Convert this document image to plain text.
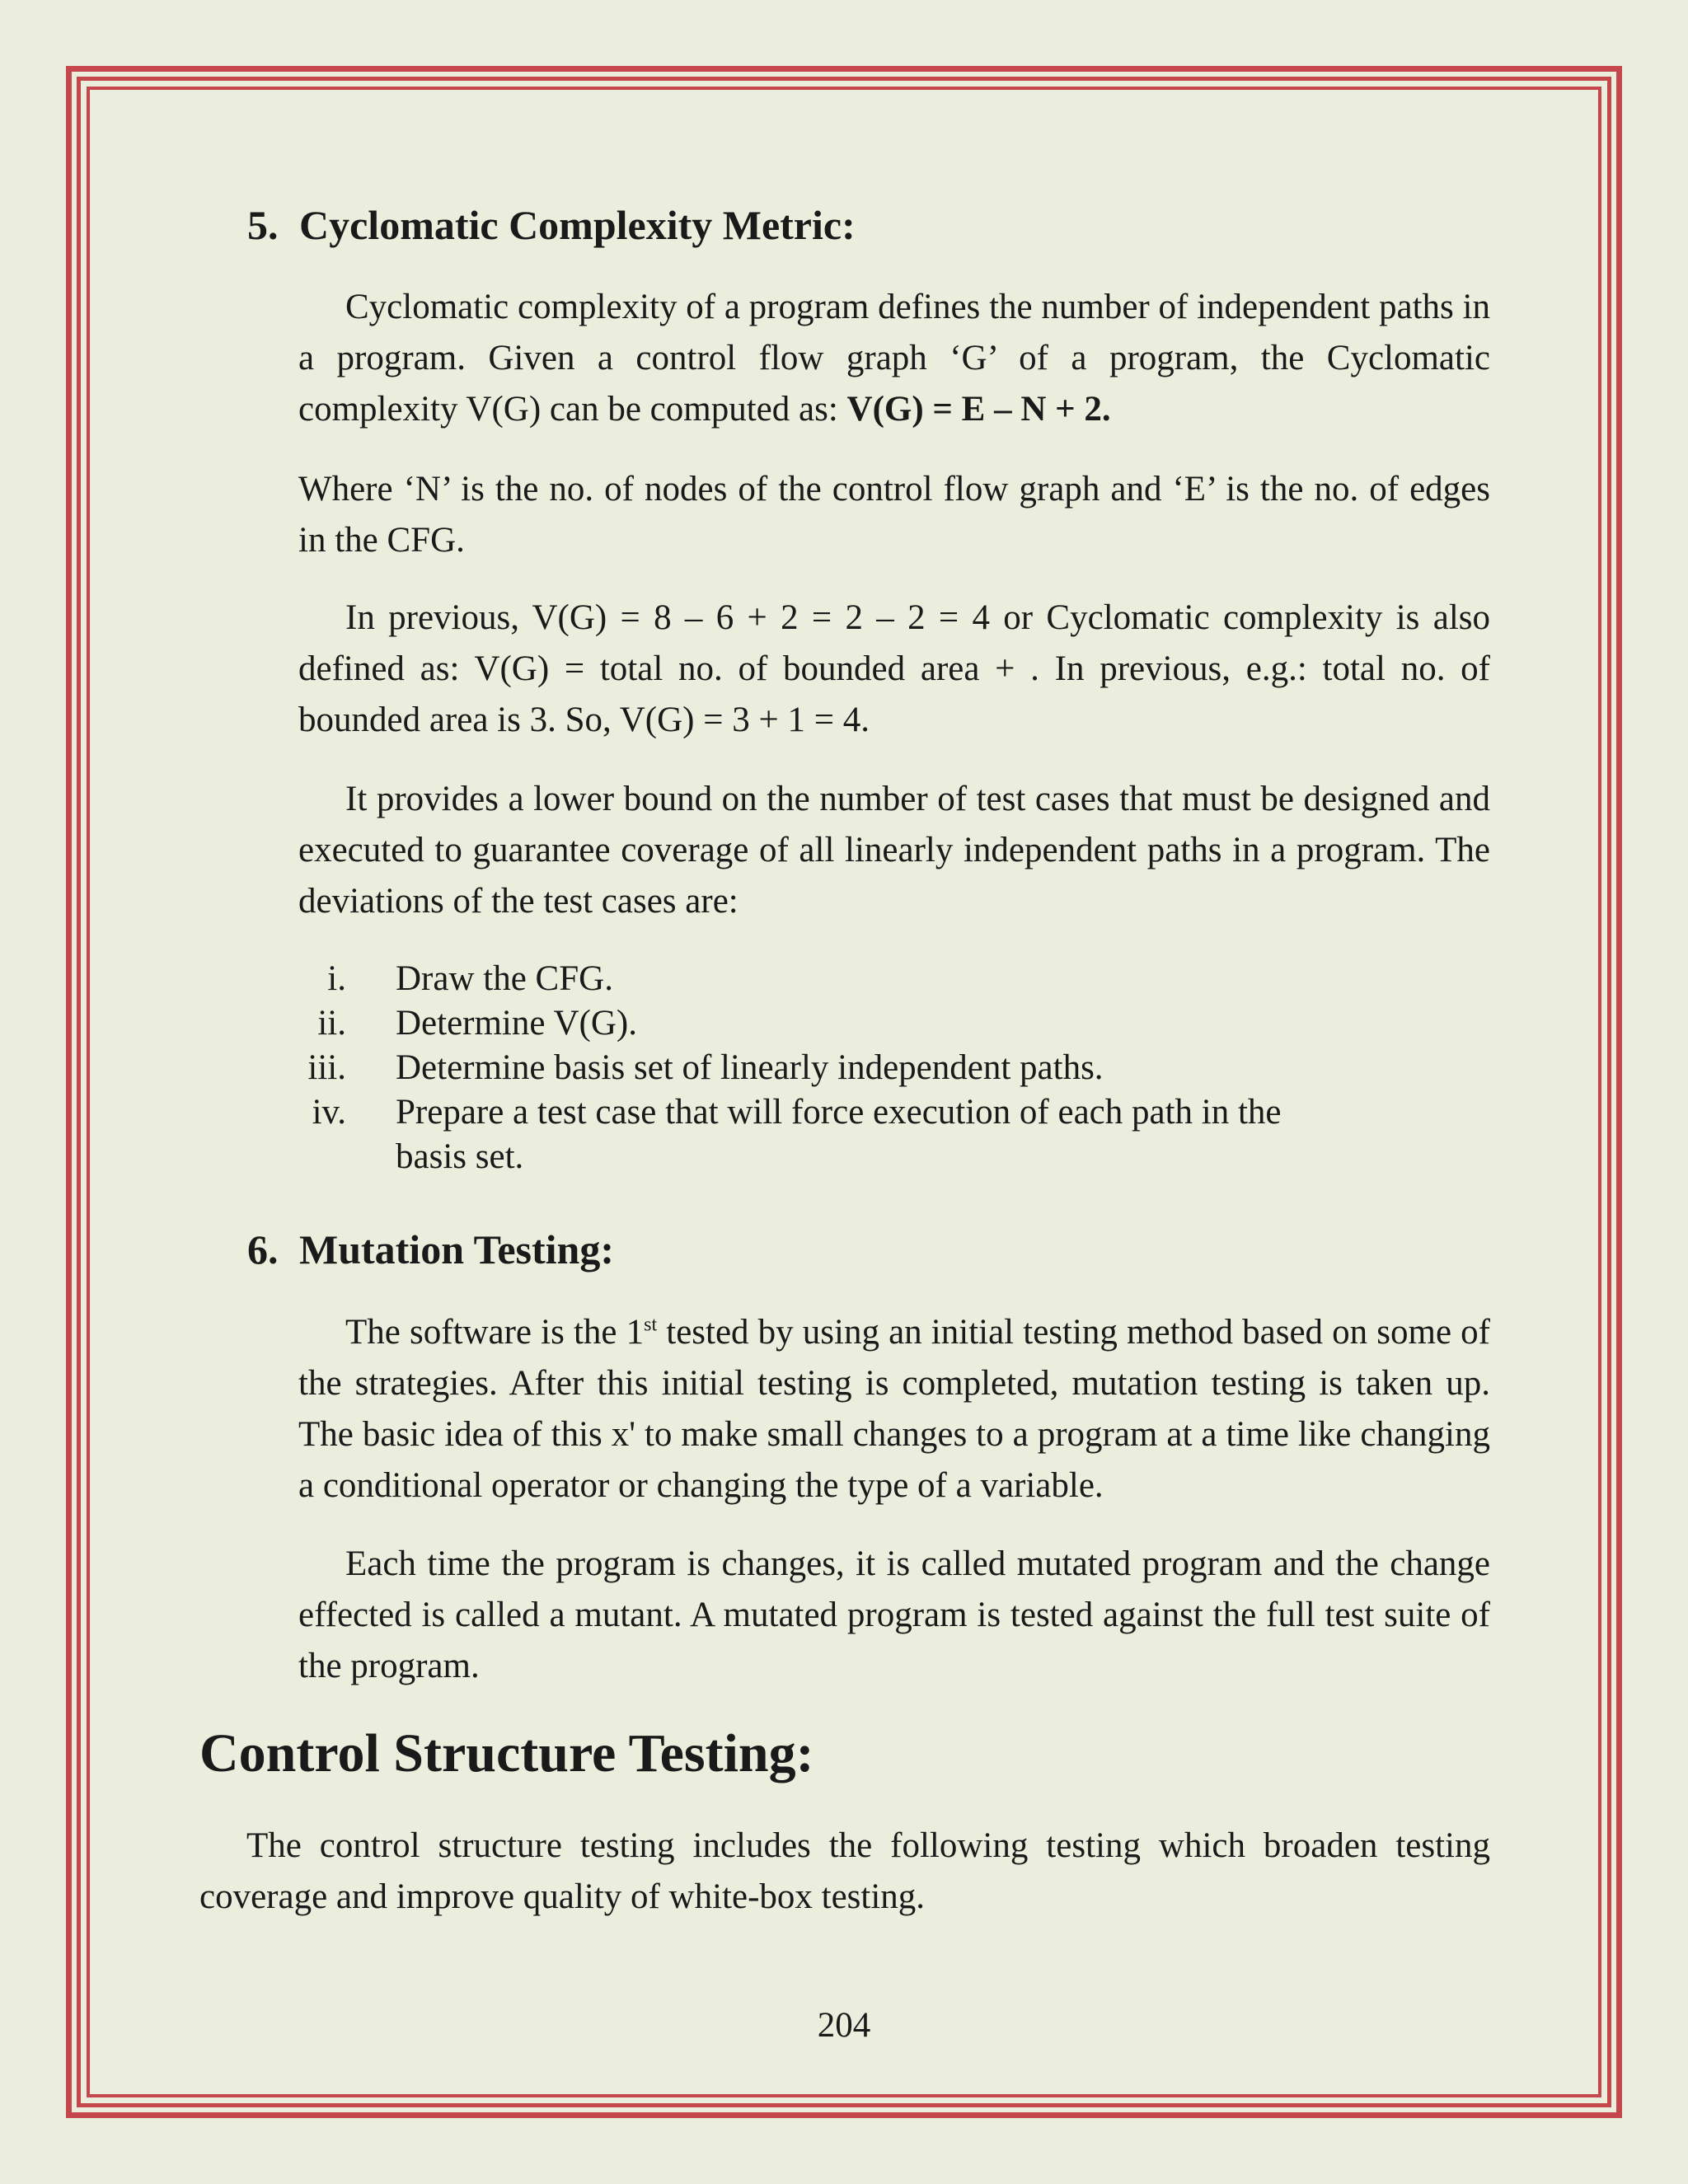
5. Cyclomatic Complexity Metric:

Cyclomatic complexity of a program defines the number of independent paths in a program. Given a control flow graph ‘G’ of a program, the Cyclomatic complexity V(G) can be computed as: V(G) = E – N + 2.

Where ‘N’ is the no. of nodes of the control flow graph and ‘E’ is the no. of edges in the CFG.

In previous, V(G) = 8 – 6 + 2 = 2 – 2 = 4 or Cyclomatic complexity is also defined as: V(G) = total no. of bounded area + . In previous, e.g.: total no. of bounded area is 3. So, V(G) = 3 + 1 = 4.

It provides a lower bound on the number of test cases that must be designed and executed to guarantee coverage of all linearly independent paths in a program. The deviations of the test cases are:

i.	Draw the CFG.
ii.	Determine V(G).
iii.	Determine basis set of linearly independent paths.
iv.	Prepare a test case that will force execution of each path in the basis set.
6. Mutation Testing:

The software is the 1st tested by using an initial testing method based on some of the strategies. After this initial testing is completed, mutation testing is taken up. The basic idea of this x' to make small changes to a program at a time like changing a conditional operator or changing the type of a variable.

Each time the program is changes, it is called mutated program and the change effected is called a mutant. A mutated program is tested against the full test suite of the program.

Control Structure Testing:

The control structure testing includes the following testing which broaden testing coverage and improve quality of white-box testing.

204
